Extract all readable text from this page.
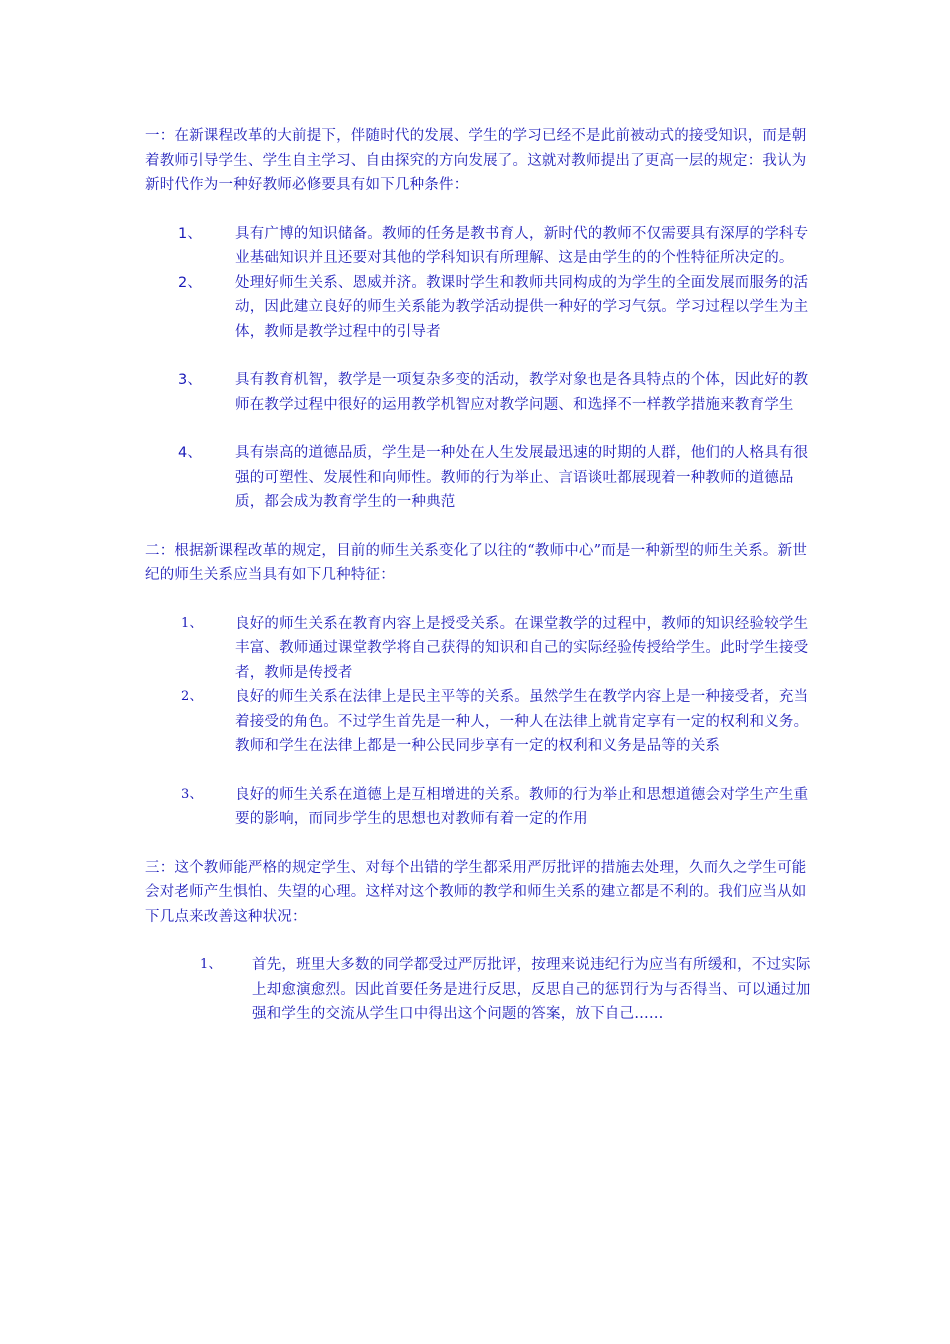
一：在新课程改革的大前提下，伴随时代的发展、学生的学习已经不是此前被动式的接受知识，而是朝着教师引导学生、学生自主学习、自由探究的方向发展了。这就对教师提出了更高一层的规定：我认为新时代作为一种好教师必修要具有如下几种条件：

1、	具有广博的知识储备。教师的任务是教书育人，新时代的教师不仅需要具有深厚的学科专业基础知识并且还要对其他的学科知识有所理解、这是由学生的的个性特征所决定的。
2、	处理好师生关系、恩威并济。教课时学生和教师共同构成的为学生的全面发展而服务的活动，因此建立良好的师生关系能为教学活动提供一种好的学习气氛。学习过程以学生为主体，教师是教学过程中的引导者
3、	具有教育机智，教学是一项复杂多变的活动，教学对象也是各具特点的个体，因此好的教师在教学过程中很好的运用教学机智应对教学问题、和选择不一样教学措施来教育学生
4、	具有崇高的道德品质，学生是一种处在人生发展最迅速的时期的人群，他们的人格具有很强的可塑性、发展性和向师性。教师的行为举止、言语谈吐都展现着一种教师的道德品质，都会成为教育学生的一种典范

二：根据新课程改革的规定，目前的师生关系变化了以往的“教师中心”而是一种新型的师生关系。新世纪的师生关系应当具有如下几种特征：

1、	良好的师生关系在教育内容上是授受关系。在课堂教学的过程中，教师的知识经验较学生丰富、教师通过课堂教学将自己获得的知识和自己的实际经验传授给学生。此时学生接受者，教师是传授者
2、	良好的师生关系在法律上是民主平等的关系。虽然学生在教学内容上是一种接受者，充当着接受的角色。不过学生首先是一种人，一种人在法律上就肯定享有一定的权利和义务。教师和学生在法律上都是一种公民同步享有一定的权利和义务是品等的关系
3、	良好的师生关系在道德上是互相增进的关系。教师的行为举止和思想道德会对学生产生重要的影响，而同步学生的思想也对教师有着一定的作用

三：这个教师能严格的规定学生、对每个出错的学生都采用严厉批评的措施去处理，久而久之学生可能会对老师产生惧怕、失望的心理。这样对这个教师的教学和师生关系的建立都是不利的。我们应当从如下几点来改善这种状况：

1、	首先，班里大多数的同学都受过严厉批评，按理来说违纪行为应当有所缓和，不过实际上却愈演愈烈。因此首要任务是进行反思，反思自己的惩罚行为与否得当、可以通过加强和学生的交流从学生口中得出这个问题的答案，放下自己……
